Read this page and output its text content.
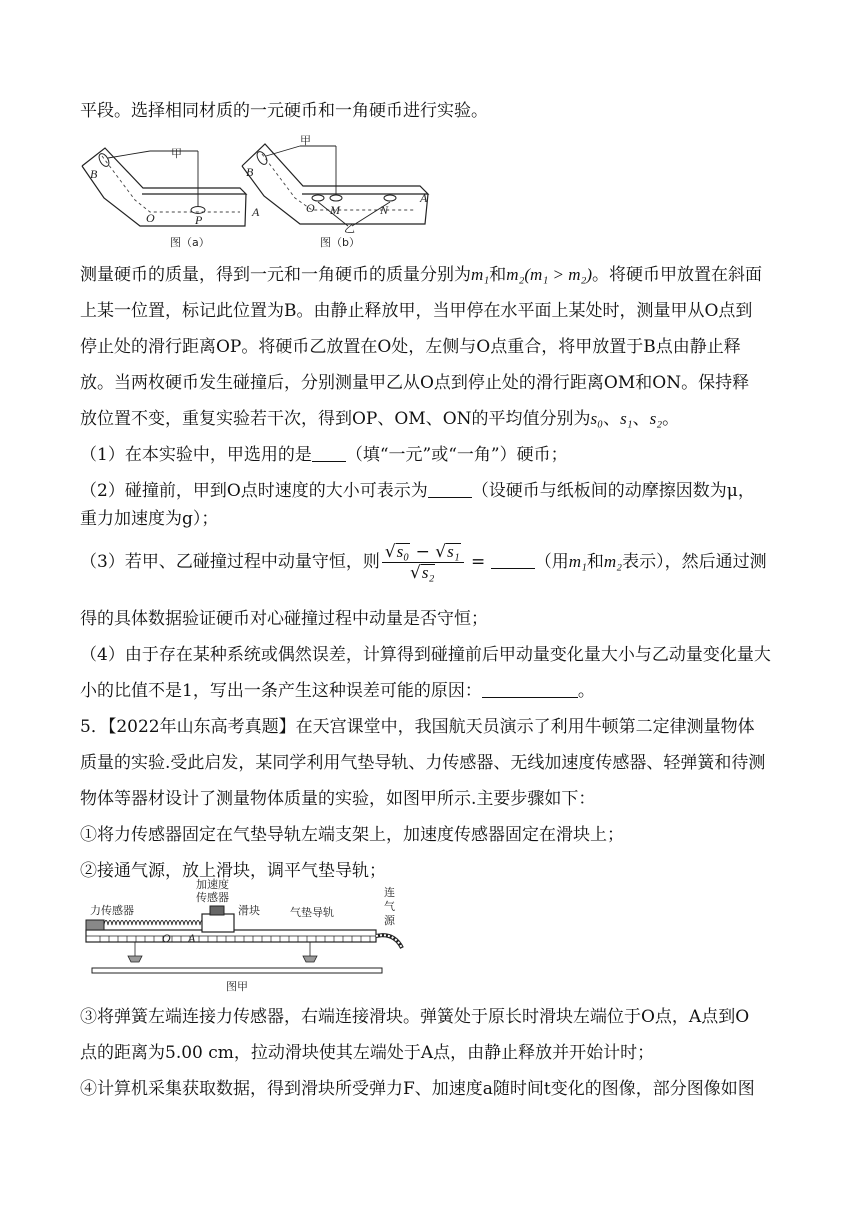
平段。选择相同材质的一元硬币和一角硬币进行实验。
甲
B
O	P
A
图（a）
甲
B
O M	N
A
乙
图（b）
测量硬币的质量，得到一元和一角硬币的质量分别为m₁和m₂(m₁ > m₂)。将硬币甲放置在斜面
上某一位置，标记此位置为B。由静止释放甲，当甲停在水平面上某处时，测量甲从O点到
停止处的滑行距离OP。将硬币乙放置在O处，左侧与O点重合，将甲放置于B点由静止释
放。当两枚硬币发生碰撞后，分别测量甲乙从O点到停止处的滑行距离OM和ON。保持释
放位置不变，重复实验若干次，得到OP、OM、ON的平均值分别为s₀、s₁、s₂。
（1）在本实验中，甲选用的是 （填“一元”或“一角”）硬币；
（2）碰撞前，甲到O点时速度的大小可表示为	（设硬币与纸板间的动摩擦因数为μ，
重力加速度为g）；
（3）若甲、乙碰撞过程中动量守恒，则 $\frac{\text{√s₀ − √s₁}}{\text{√s₂}}$ =	（用m₁和m₂表示），然后通过测
得的具体数据验证硬币对心碰撞过程中动量是否守恒；
（4）由于存在某种系统或偶然误差，计算得到碰撞前后甲动量变化量大小与乙动量变化量大
小的比值不是1，写出一条产生这种误差可能的原因：	。
5．【2022年山东高考真题】在天宫课堂中，我国航天员演示了利用牛顿第二定律测量物体
质量的实验.受此启发，某同学利用气垫导轨、力传感器、无线加速度传感器、轻弹簧和待测
物体等器材设计了测量物体质量的实验，如图甲所示.主要步骤如下：
①将力传感器固定在气垫导轨左端支架上，加速度传感器固定在滑块上；
②接通气源，放上滑块，调平气垫导轨；
加速度
传感器
力传感器	滑块	气垫导轨
连
气
源
O A
图甲
③将弹簧左端连接力传感器，右端连接滑块。弹簧处于原长时滑块左端位于O点，A点到O
点的距离为5.00 cm，拉动滑块使其左端处于A点，由静止释放并开始计时；
④计算机采集获取数据，得到滑块所受弹力F、加速度a随时间t变化的图像，部分图像如图
